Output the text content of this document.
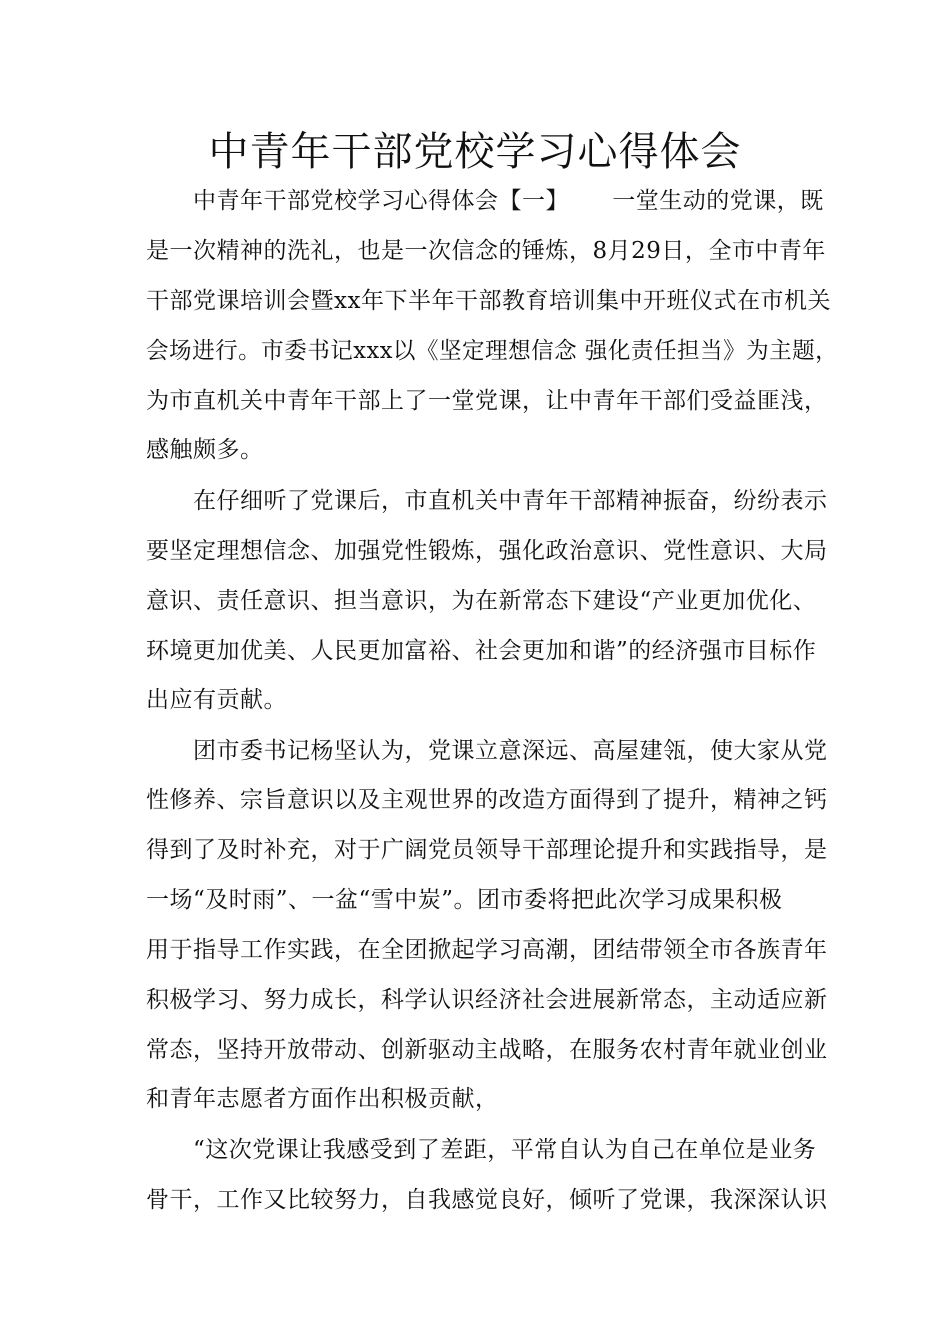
中青年干部党校学习心得体会
　　中青年干部党校学习心得体会【一】　　 一堂生动的党课，既
是一次精神的洗礼，也是一次信念的锤炼，8月29日，全市中青年
干部党课培训会暨xx年下半年干部教育培训集中开班仪式在市机关
会场进行。市委书记xxx以《坚定理想信念 强化责任担当》为主题，
为市直机关中青年干部上了一堂党课，让中青年干部们受益匪浅，
感触颇多。
　　在仔细听了党课后，市直机关中青年干部精神振奋，纷纷表示
要坚定理想信念、加强党性锻炼，强化政治意识、党性意识、大局
意识、责任意识、担当意识，为在新常态下建设“产业更加优化、
环境更加优美、人民更加富裕、社会更加和谐”的经济强市目标作
出应有贡献。
　　团市委书记杨坚认为，党课立意深远、高屋建瓴，使大家从党
性修养、宗旨意识以及主观世界的改造方面得到了提升，精神之钙
得到了及时补充，对于广阔党员领导干部理论提升和实践指导，是
一场“及时雨”、一盆“雪中炭”。团市委将把此次学习成果积极
用于指导工作实践，在全团掀起学习高潮，团结带领全市各族青年
积极学习、努力成长，科学认识经济社会进展新常态，主动适应新
常态，坚持开放带动、创新驱动主战略，在服务农村青年就业创业
和青年志愿者方面作出积极贡献，
　　“这次党课让我感受到了差距，平常自认为自己在单位是业务
骨干，工作又比较努力，自我感觉良好，倾听了党课，我深深认识
